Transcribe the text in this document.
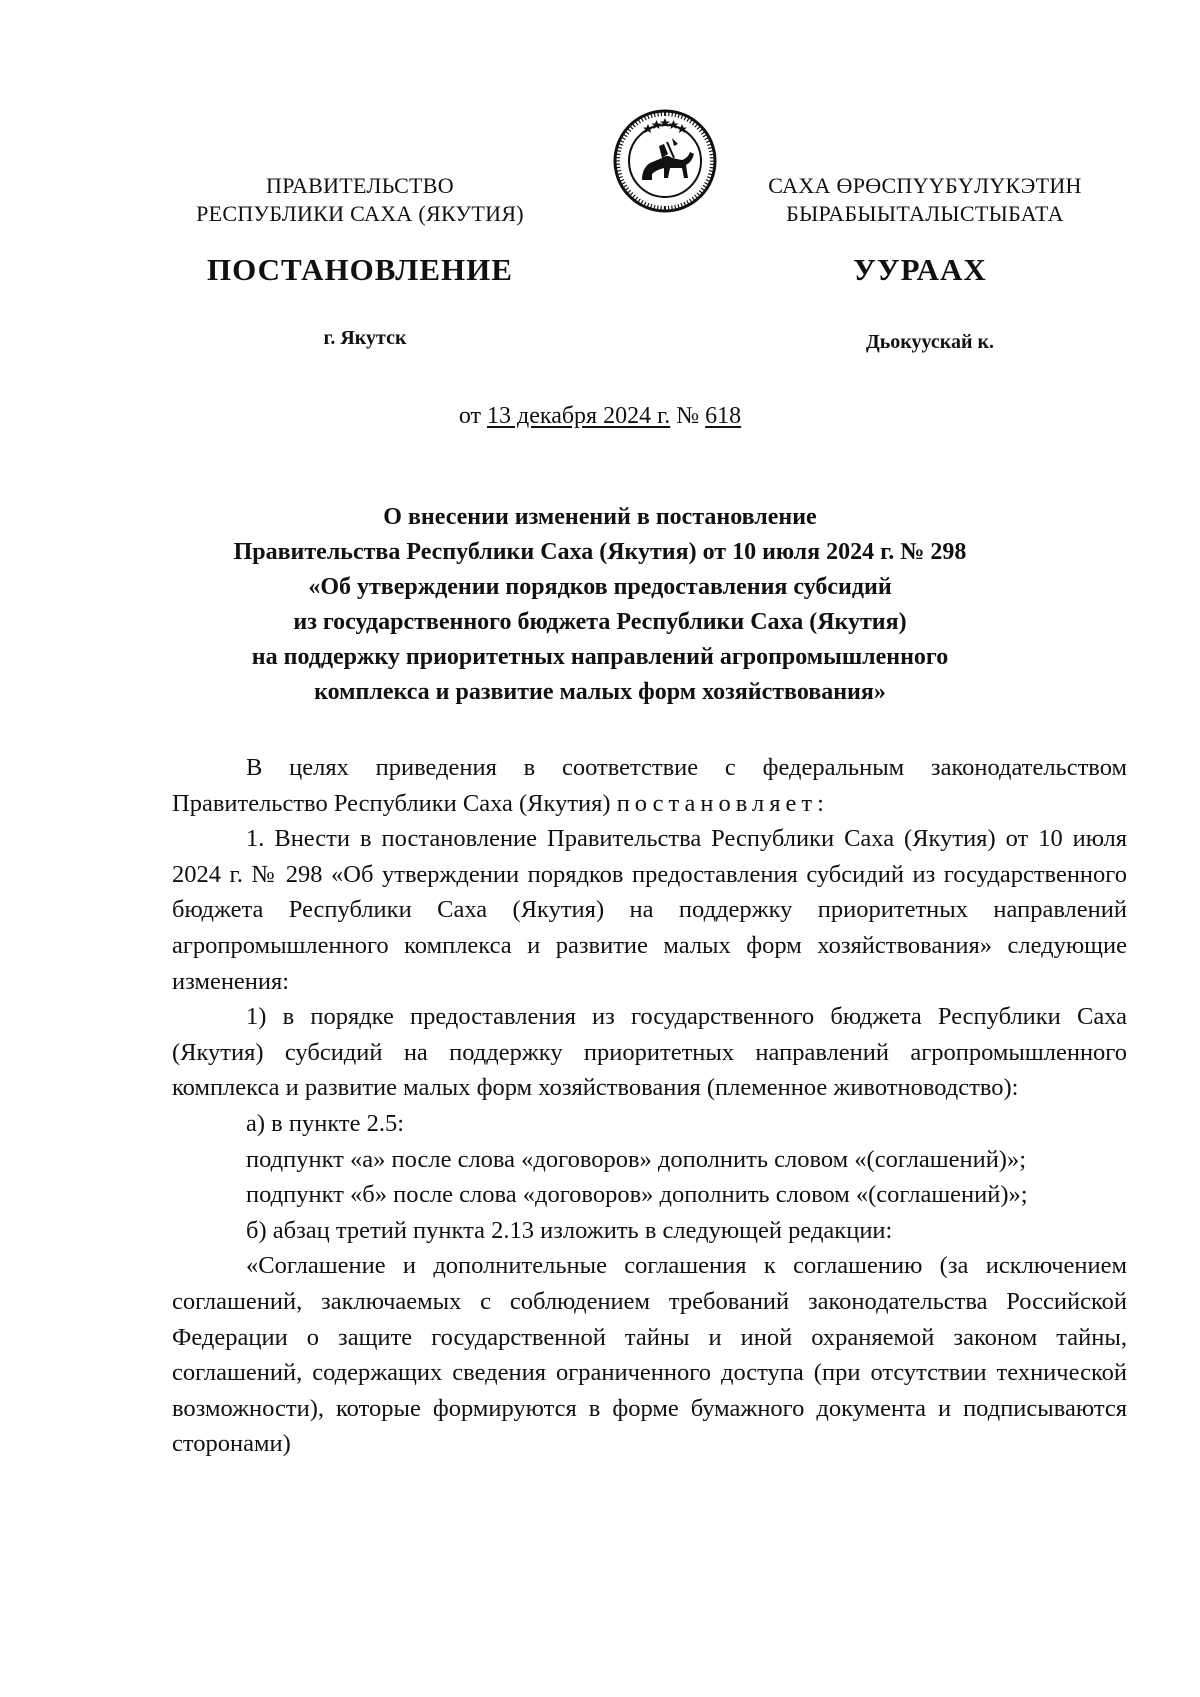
ПРАВИТЕЛЬСТВО
РЕСПУБЛИКИ САХА (ЯКУТИЯ)
САХА ӨРӨСПҮҮБҮЛҮКЭТИН
БЫРАБЫЫТАЛЫСТЫБАТА
ПОСТАНОВЛЕНИЕ	УУРААХ
г. Якутск	Дьокуускай к.
от 13 декабря 2024 г. № 618
О внесении изменений в постановление
Правительства Республики Саха (Якутия) от 10 июля 2024 г. № 298
«Об утверждении порядков предоставления субсидий
из государственного бюджета Республики Саха (Якутия)
на поддержку приоритетных направлений агропромышленного
комплекса и развитие малых форм хозяйствования»

В целях приведения в соответствие с федеральным законодательством Правительство Республики Саха (Якутия) постановляет:

1. Внести в постановление Правительства Республики Саха (Якутия) от 10 июля 2024 г. № 298 «Об утверждении порядков предоставления субсидий из государственного бюджета Республики Саха (Якутия) на поддержку приоритетных направлений агропромышленного комплекса и развитие малых форм хозяйствования» следующие изменения:

1) в порядке предоставления из государственного бюджета Республики Саха (Якутия) субсидий на поддержку приоритетных направлений агропромышленного комплекса и развитие малых форм хозяйствования (племенное животноводство):

а) в пункте 2.5:

подпункт «а» после слова «договоров» дополнить словом «(соглашений)»;

подпункт «б» после слова «договоров» дополнить словом «(соглашений)»;

б) абзац третий пункта 2.13 изложить в следующей редакции:

«Соглашение и дополнительные соглашения к соглашению (за исключением соглашений, заключаемых с соблюдением требований законодательства Российской Федерации о защите государственной тайны и иной охраняемой законом тайны, соглашений, содержащих сведения ограниченного доступа (при отсутствии технической возможности), которые формируются в форме бумажного документа и подписываются сторонами)
